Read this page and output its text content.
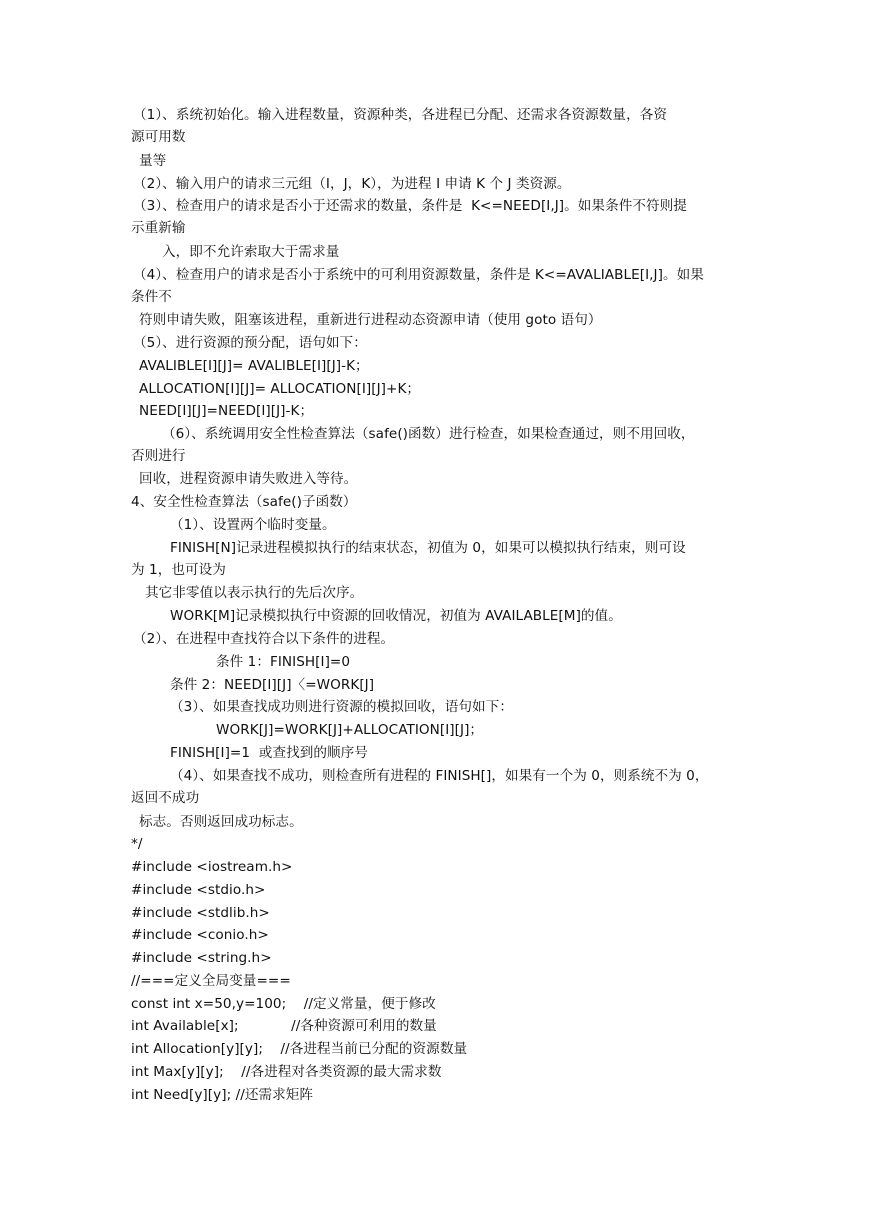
（1）、系统初始化。输入进程数量，资源种类，各进程已分配、还需求各资源数量，各资
源可用数
量等
（2）、输入用户的请求三元组（I，J，K），为进程 I 申请 K 个 J 类资源。
（3）、检查用户的请求是否小于还需求的数量，条件是  K<=NEED[I,J]。如果条件不符则提
示重新输
入，即不允许索取大于需求量
（4）、检查用户的请求是否小于系统中的可利用资源数量，条件是 K<=AVALIABLE[I,J]。如果
条件不
符则申请失败，阻塞该进程，重新进行进程动态资源申请（使用 goto 语句）
（5）、进行资源的预分配，语句如下：
AVALIBLE[I][J]= AVALIBLE[I][J]-K；
ALLOCATION[I][J]= ALLOCATION[I][J]+K；
NEED[I][J]=NEED[I][J]-K；
（6）、系统调用安全性检查算法（safe()函数）进行检查，如果检查通过，则不用回收，
否则进行
回收，进程资源申请失败进入等待。
4、安全性检查算法（safe()子函数）
（1）、设置两个临时变量。
FINISH[N]记录进程模拟执行的结束状态，初值为 0，如果可以模拟执行结束，则可设
为 1，也可设为
其它非零值以表示执行的先后次序。
WORK[M]记录模拟执行中资源的回收情况，初值为 AVAILABLE[M]的值。
（2）、在进程中查找符合以下条件的进程。
条件 1：FINISH[I]=0
条件 2：NEED[I][J]〈=WORK[J]
（3）、如果查找成功则进行资源的模拟回收，语句如下：
WORK[J]=WORK[J]+ALLOCATION[I][J]；
FINISH[I]=1  或查找到的顺序号
（4）、如果查找不成功，则检查所有进程的 FINISH[]，如果有一个为 0，则系统不为 0，
返回不成功
标志。否则返回成功标志。
*/
#include <iostream.h>
#include <stdio.h>
#include <stdlib.h>
#include <conio.h>
#include <string.h>
//===定义全局变量===
const int x=50,y=100;    //定义常量，便于修改
int Available[x];            //各种资源可利用的数量
int Allocation[y][y];    //各进程当前已分配的资源数量
int Max[y][y];    //各进程对各类资源的最大需求数
int Need[y][y]; //还需求矩阵
